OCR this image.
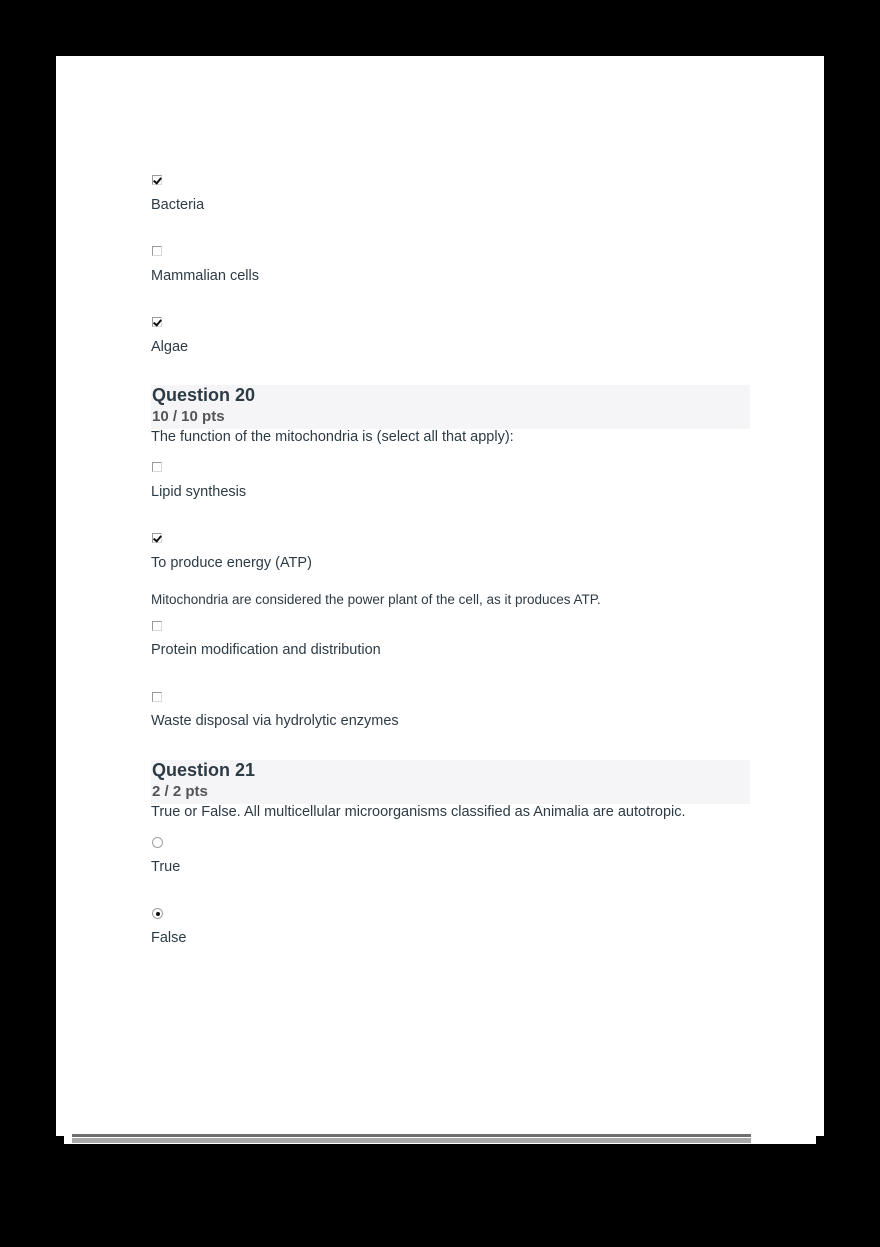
Bacteria
Mammalian cells
Algae
Question 20
10 / 10 pts
The function of the mitochondria is (select all that apply):
Lipid synthesis
To produce energy (ATP)
Mitochondria are considered the power plant of the cell, as it produces ATP.
Protein modification and distribution
Waste disposal via hydrolytic enzymes
Question 21
2 / 2 pts
True or False. All multicellular microorganisms classified as Animalia are autotropic.
True
False
